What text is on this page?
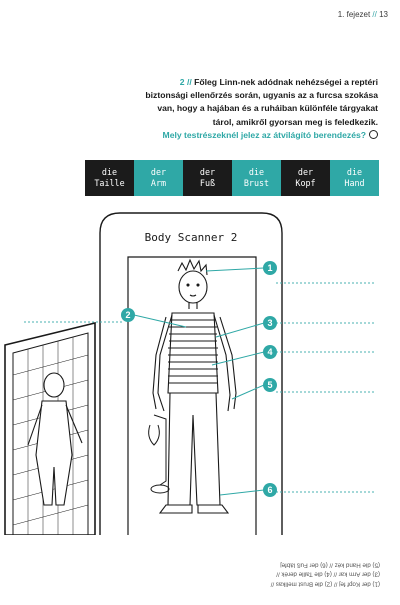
1. fejezet // 13
2 // Főleg Linn-nek adódnak nehézségei a reptéri
biztonsági ellenőrzés során, ugyanis az a furcsa szokása
van, hogy a hajában és a ruháiban különféle tárgyakat
tárol, amikről gyorsan meg is feledkezik.
Mely testrészeknél jelez az átvilágító berendezés?
die
Taille
der
Arm
der
Fuß
die
Brust
der
Kopf
die
Hand
Body Scanner 2
1
2
3
4
5
6
(1) der Kopf fej // (2) die Brust mellkas //
(3) der Arm kar // (4) die Taille derék //
(5) die Hand kéz // (6) der Fuß lábfej
